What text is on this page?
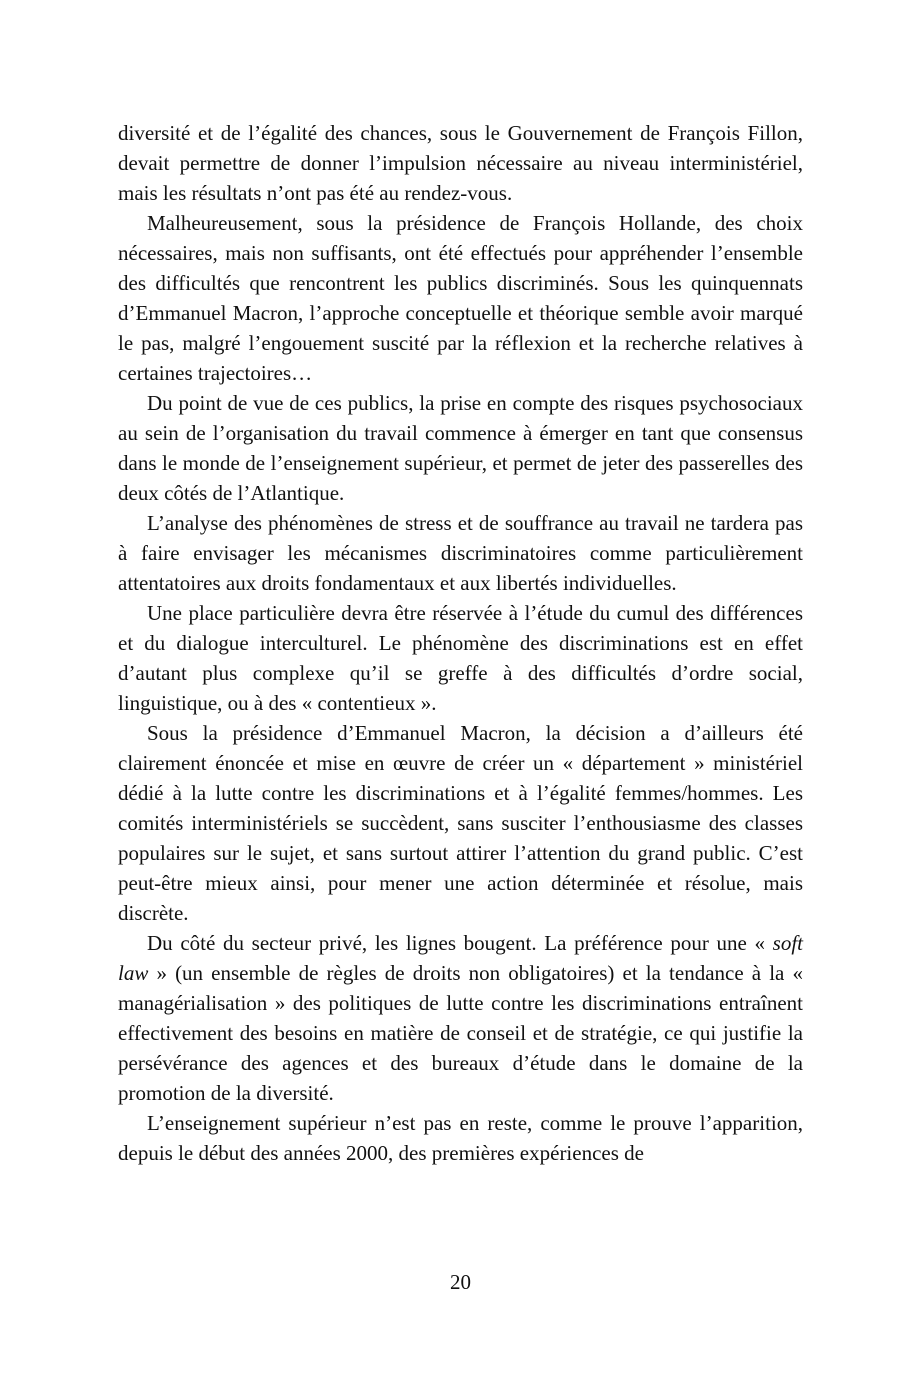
diversité et de l’égalité des chances, sous le Gouvernement de François Fillon, devait permettre de donner l’impulsion nécessaire au niveau interministériel, mais les résultats n’ont pas été au rendez-vous.

Malheureusement, sous la présidence de François Hollande, des choix nécessaires, mais non suffisants, ont été effectués pour appréhender l’ensemble des difficultés que rencontrent les publics discriminés. Sous les quinquennats d’Emmanuel Macron, l’approche conceptuelle et théorique semble avoir marqué le pas, malgré l’engouement suscité par la réflexion et la recherche relatives à certaines trajectoires…

Du point de vue de ces publics, la prise en compte des risques psychosociaux au sein de l’organisation du travail commence à émerger en tant que consensus dans le monde de l’enseignement supérieur, et permet de jeter des passerelles des deux côtés de l’Atlantique.

L’analyse des phénomènes de stress et de souffrance au travail ne tardera pas à faire envisager les mécanismes discriminatoires comme particulièrement attentatoires aux droits fondamentaux et aux libertés individuelles.

Une place particulière devra être réservée à l’étude du cumul des différences et du dialogue interculturel. Le phénomène des discriminations est en effet d’autant plus complexe qu’il se greffe à des difficultés d’ordre social, linguistique, ou à des « contentieux ».

Sous la présidence d’Emmanuel Macron, la décision a d’ailleurs été clairement énoncée et mise en œuvre de créer un « département » ministériel dédié à la lutte contre les discriminations et à l’égalité femmes/hommes. Les comités interministériels se succèdent, sans susciter l’enthousiasme des classes populaires sur le sujet, et sans surtout attirer l’attention du grand public. C’est peut-être mieux ainsi, pour mener une action déterminée et résolue, mais discrète.

Du côté du secteur privé, les lignes bougent. La préférence pour une « soft law » (un ensemble de règles de droits non obligatoires) et la tendance à la « managérialisation » des politiques de lutte contre les discriminations entraînent effectivement des besoins en matière de conseil et de stratégie, ce qui justifie la persévérance des agences et des bureaux d’étude dans le domaine de la promotion de la diversité.

L’enseignement supérieur n’est pas en reste, comme le prouve l’apparition, depuis le début des années 2000, des premières expériences de

20
